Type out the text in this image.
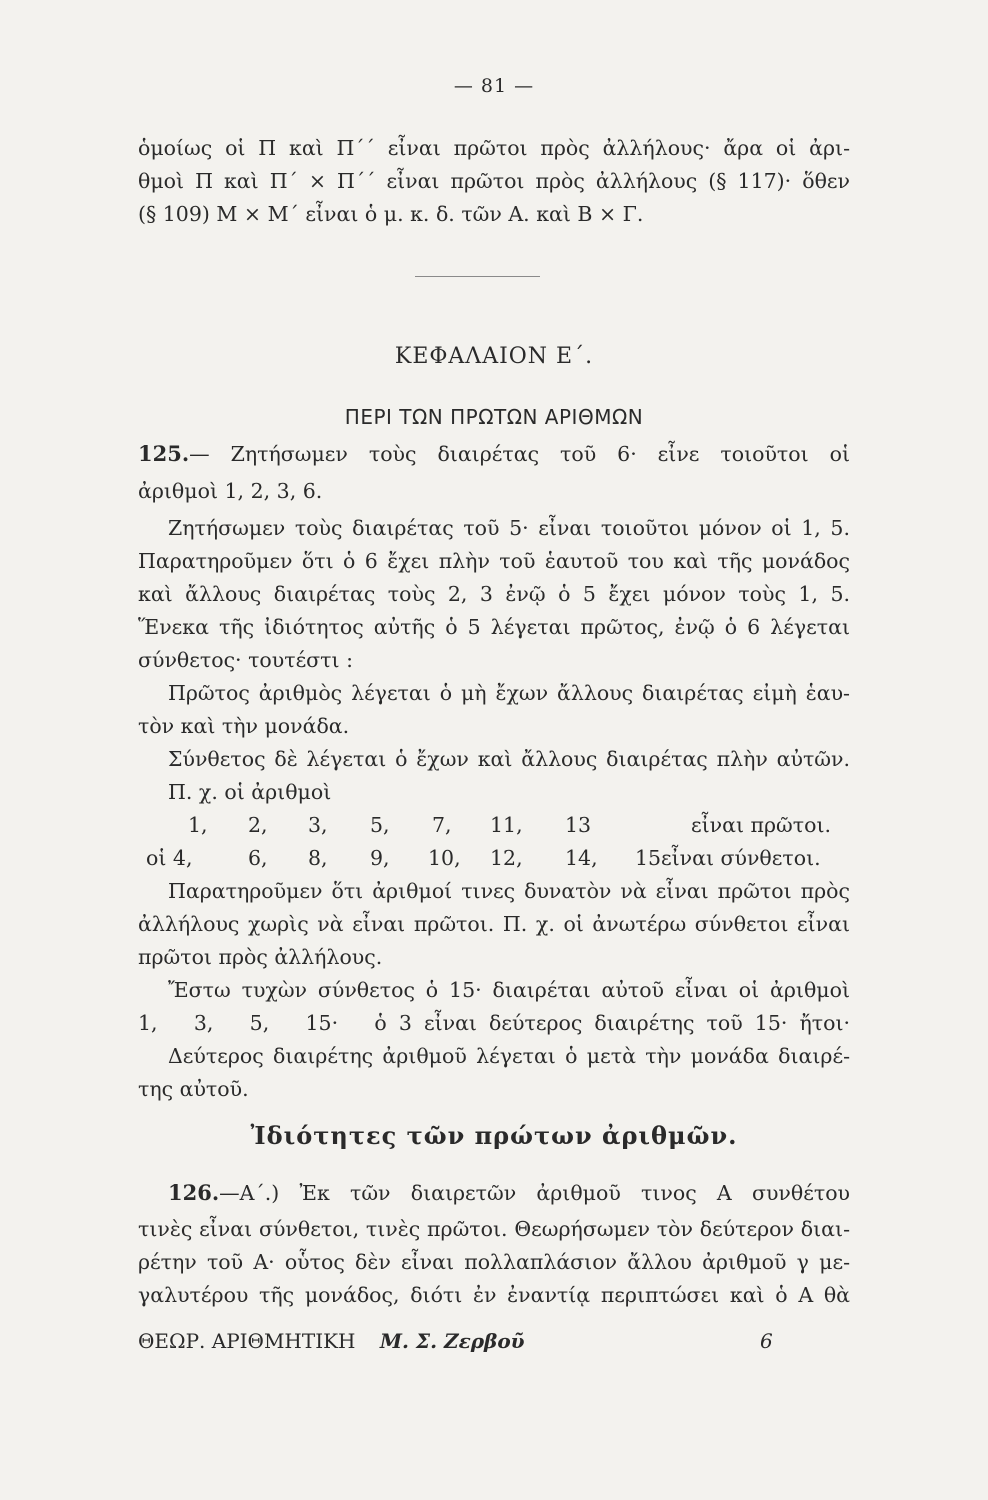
— 81 —
ὁμοίως οἱ Π καὶ Π΄΄ εἶναι πρῶτοι πρὸς ἀλλήλους· ἄρα οἱ ἀρι-
θμοὶ Π καὶ Π΄ × Π΄΄ εἶναι πρῶτοι πρὸς ἀλλήλους (§ 117)· ὅθεν
(§ 109) Μ × Μ΄ εἶναι ὁ μ. κ. δ. τῶν Α. καὶ Β × Γ.
ΚΕΦΑΛΑΙΟΝ Ε΄.
ΠΕΡΙ ΤΩΝ ΠΡΩΤΩΝ ΑΡΙΘΜΩΝ
125.— Ζητήσωμεν τοὺς διαιρέτας τοῦ 6· εἶνε τοιοῦτοι οἱ
ἀριθμοὶ 1, 2, 3, 6.
Ζητήσωμεν τοὺς διαιρέτας τοῦ 5· εἶναι τοιοῦτοι μόνον οἱ 1, 5.
Παρατηροῦμεν ὅτι ὁ 6 ἔχει πλὴν τοῦ ἑαυτοῦ του καὶ τῆς μονάδος
καὶ ἄλλους διαιρέτας τοὺς 2, 3 ἐνῷ ὁ 5 ἔχει μόνον τοὺς 1, 5.
Ἕνεκα τῆς ἰδιότητος αὐτῆς ὁ 5 λέγεται πρῶτος, ἐνῷ ὁ 6 λέγεται
σύνθετος· τουτέστι :
Πρῶτος ἀριθμὸς λέγεται ὁ μὴ ἔχων ἄλλους διαιρέτας εἰμὴ ἑαυ-
τὸν καὶ τὴν μονάδα.
Σύνθετος δὲ λέγεται ὁ ἔχων καὶ ἄλλους διαιρέτας πλὴν αὐτῶν.
Π. χ. οἱ ἀριθμοὶ
1, 2, 3, 5, 7, 11, 13	εἶναι πρῶτοι.
οἱ 4,	6, 8, 9, 10, 12, 14, 15 εἶναι σύνθετοι.
Παρατηροῦμεν ὅτι ἀριθμοί τινες δυνατὸν νὰ εἶναι πρῶτοι πρὸς
ἀλλήλους χωρὶς νὰ εἶναι πρῶτοι. Π. χ. οἱ ἀνωτέρω σύνθετοι εἶναι
πρῶτοι πρὸς ἀλλήλους.
Ἔστω τυχὼν σύνθετος ὁ 15· διαιρέται αὐτοῦ εἶναι οἱ ἀριθμοὶ
1,   3,   5,   15·   ὁ 3 εἶναι δεύτερος διαιρέτης τοῦ 15· ἤτοι·
Δεύτερος διαιρέτης ἀριθμοῦ λέγεται ὁ μετὰ τὴν μονάδα διαιρέ-
της αὐτοῦ.
Ἰδιότητες τῶν πρώτων ἀριθμῶν.
126.—Α΄.) Ἐκ τῶν διαιρετῶν ἀριθμοῦ τινος Α συνθέτου
τινὲς εἶναι σύνθετοι, τινὲς πρῶτοι. Θεωρήσωμεν τὸν δεύτερον διαι-
ρέτην τοῦ Α· οὗτος δὲν εἶναι πολλαπλάσιον ἄλλου ἀριθμοῦ γ με-
γαλυτέρου τῆς μονάδος, διότι ἐν ἐναντίᾳ περιπτώσει καὶ ὁ Α θὰ
ΘΕΩΡ. ΑΡΙΘΜΗΤΙΚΗ Μ. Σ. Ζερβοῦ	6
